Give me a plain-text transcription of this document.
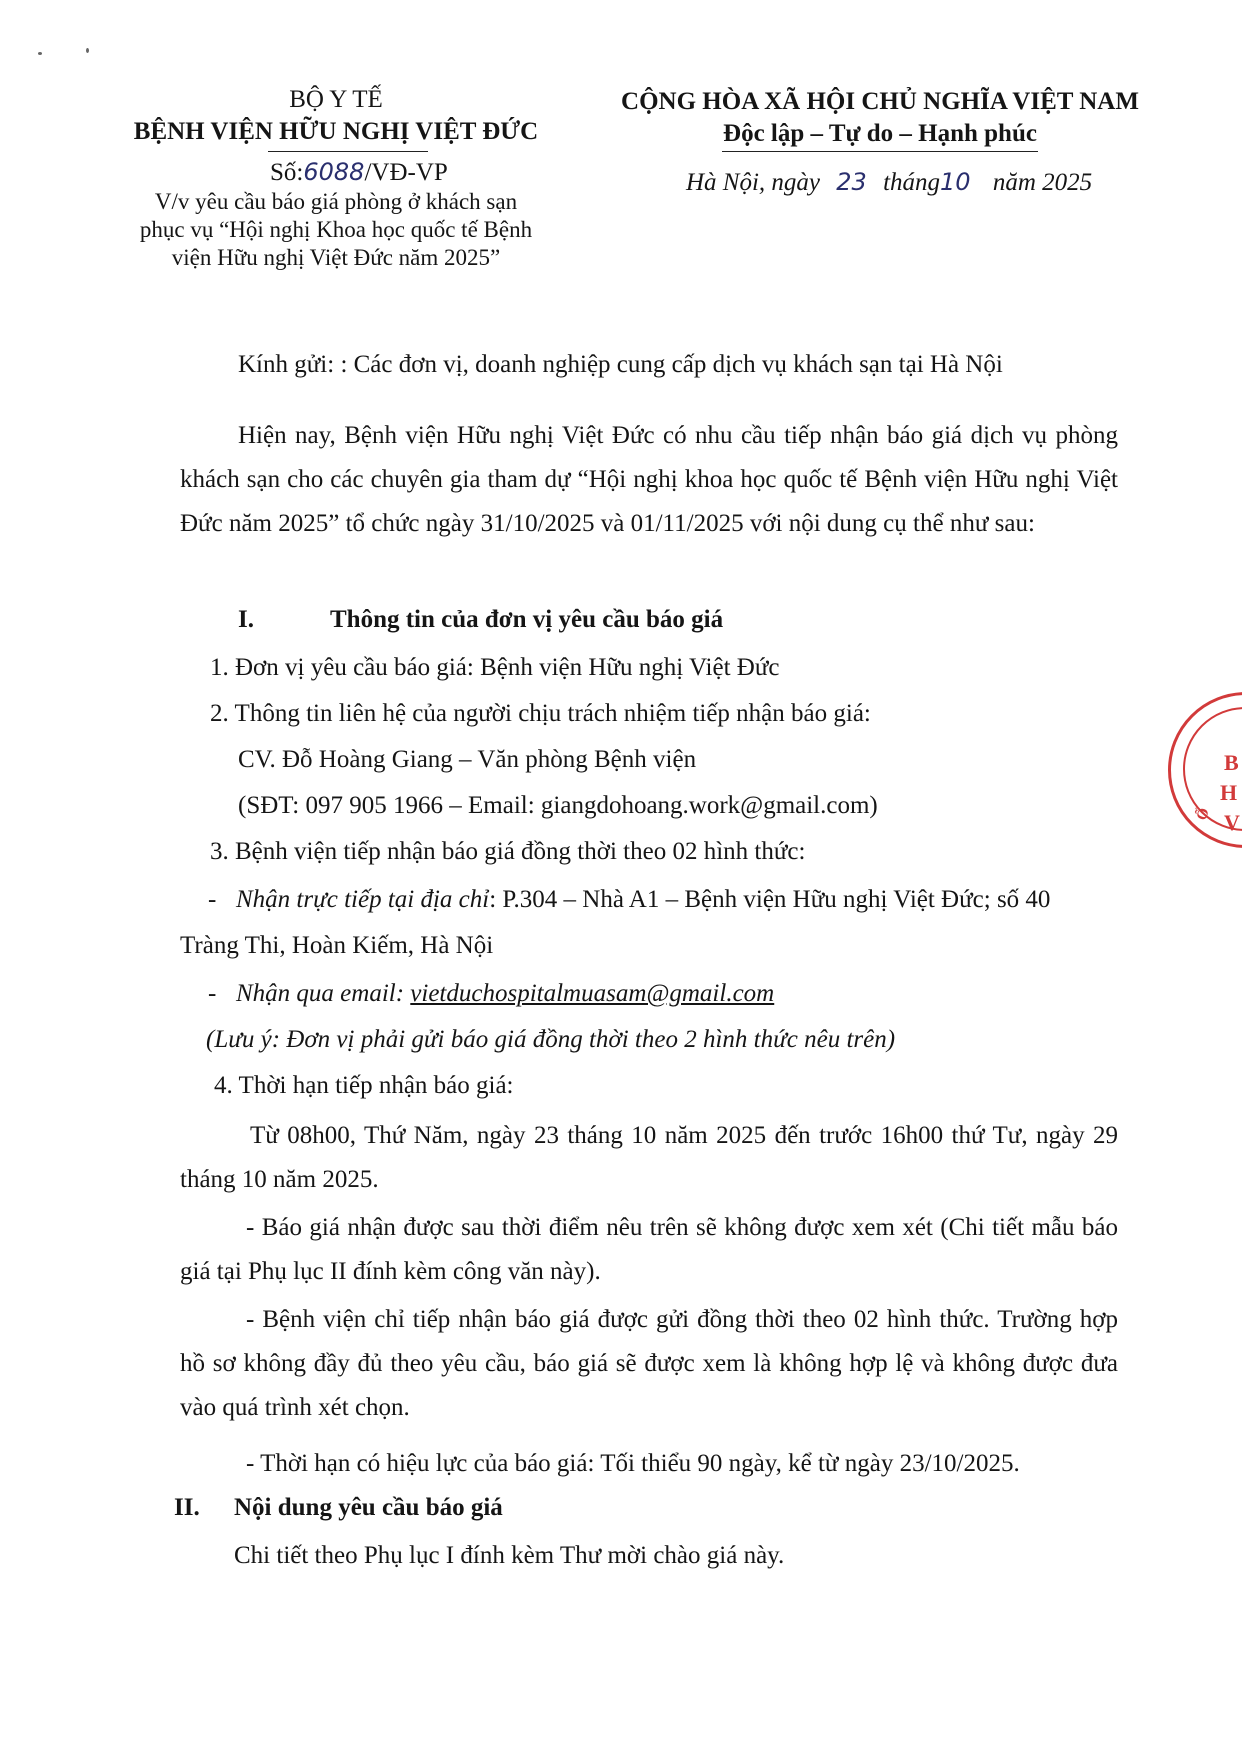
BỘ Y TẾ
BỆNH VIỆN HỮU NGHỊ VIỆT ĐỨC
Số:6088/VĐ-VP
V/v yêu cầu báo giá phòng ở khách sạn
phục vụ “Hội nghị Khoa học quốc tế Bệnh
viện Hữu nghị Việt Đức năm 2025”
CỘNG HÒA XÃ HỘI CHỦ NGHĨA VIỆT NAM
Độc lập – Tự do – Hạnh phúc
Hà Nội, ngày 23 tháng10 năm 2025
Kính gửi: : Các đơn vị, doanh nghiệp cung cấp dịch vụ khách sạn tại Hà Nội
Hiện nay, Bệnh viện Hữu nghị Việt Đức có nhu cầu tiếp nhận báo giá dịch vụ phòng khách sạn cho các chuyên gia tham dự “Hội nghị khoa học quốc tế Bệnh viện Hữu nghị Việt Đức năm 2025” tổ chức ngày 31/10/2025 và 01/11/2025 với nội dung cụ thể như sau:
I.	Thông tin của đơn vị yêu cầu báo giá
1. Đơn vị yêu cầu báo giá: Bệnh viện Hữu nghị Việt Đức
2. Thông tin liên hệ của người chịu trách nhiệm tiếp nhận báo giá:
CV. Đỗ Hoàng Giang – Văn phòng Bệnh viện
(SĐT: 097 905 1966 – Email: giangdohoang.work@gmail.com)
3. Bệnh viện tiếp nhận báo giá đồng thời theo 02 hình thức:
- Nhận trực tiếp tại địa chỉ: P.304 – Nhà A1 – Bệnh viện Hữu nghị Việt Đức; số 40
Tràng Thi, Hoàn Kiếm, Hà Nội
- Nhận qua email: vietduchospitalmuasam@gmail.com
(Lưu ý: Đơn vị phải gửi báo giá đồng thời theo 2 hình thức nêu trên)
4. Thời hạn tiếp nhận báo giá:
Từ 08h00, Thứ Năm, ngày 23 tháng 10 năm 2025 đến trước 16h00 thứ Tư, ngày 29 tháng 10 năm 2025.
- Báo giá nhận được sau thời điểm nêu trên sẽ không được xem xét (Chi tiết mẫu báo giá tại Phụ lục II đính kèm công văn này).
- Bệnh viện chỉ tiếp nhận báo giá được gửi đồng thời theo 02 hình thức. Trường hợp hồ sơ không đầy đủ theo yêu cầu, báo giá sẽ được xem là không hợp lệ và không được đưa vào quá trình xét chọn.
- Thời hạn có hiệu lực của báo giá: Tối thiểu 90 ngày, kể từ ngày 23/10/2025.
II. Nội dung yêu cầu báo giá
Chi tiết theo Phụ lục I đính kèm Thư mời chào giá này.
B
H
V
Ố
